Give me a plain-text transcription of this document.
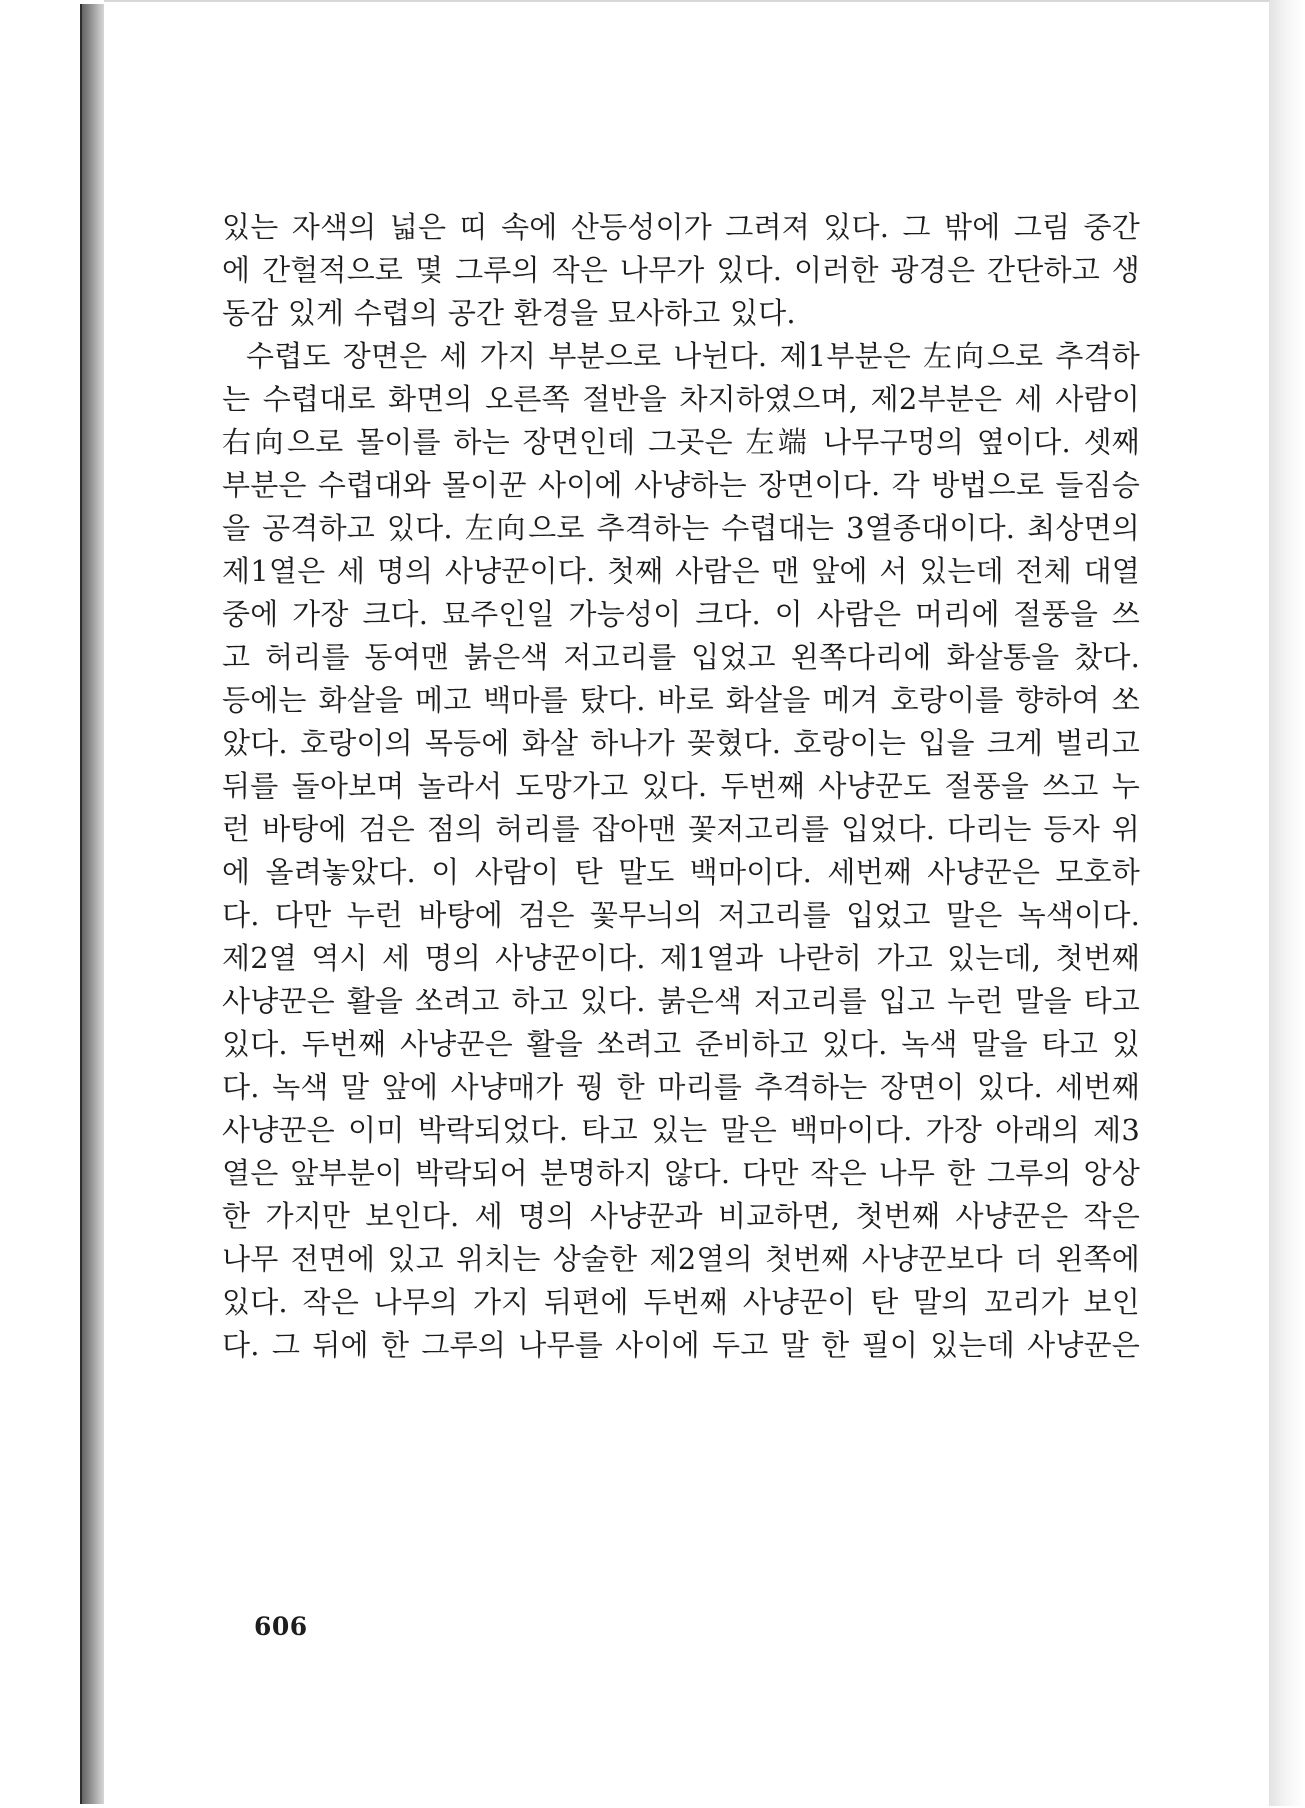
있는 자색의 넓은 띠 속에 산등성이가 그려져 있다. 그 밖에 그림 중간
에 간헐적으로 몇 그루의 작은 나무가 있다. 이러한 광경은 간단하고 생
동감 있게 수렵의 공간 환경을 묘사하고 있다.
수렵도 장면은 세 가지 부분으로 나뉜다. 제1부분은 左向으로 추격하
는 수렵대로 화면의 오른쪽 절반을 차지하였으며, 제2부분은 세 사람이
右向으로 몰이를 하는 장면인데 그곳은 左端 나무구멍의 옆이다. 셋째
부분은 수렵대와 몰이꾼 사이에 사냥하는 장면이다. 각 방법으로 들짐승
을 공격하고 있다. 左向으로 추격하는 수렵대는 3열종대이다. 최상면의
제1열은 세 명의 사냥꾼이다. 첫째 사람은 맨 앞에 서 있는데 전체 대열
중에 가장 크다. 묘주인일 가능성이 크다. 이 사람은 머리에 절풍을 쓰
고 허리를 동여맨 붉은색 저고리를 입었고 왼쪽다리에 화살통을 찼다.
등에는 화살을 메고 백마를 탔다. 바로 화살을 메겨 호랑이를 향하여 쏘
았다. 호랑이의 목등에 화살 하나가 꽂혔다. 호랑이는 입을 크게 벌리고
뒤를 돌아보며 놀라서 도망가고 있다. 두번째 사냥꾼도 절풍을 쓰고 누
런 바탕에 검은 점의 허리를 잡아맨 꽃저고리를 입었다. 다리는 등자 위
에 올려놓았다. 이 사람이 탄 말도 백마이다. 세번째 사냥꾼은 모호하
다. 다만 누런 바탕에 검은 꽃무늬의 저고리를 입었고 말은 녹색이다.
제2열 역시 세 명의 사냥꾼이다. 제1열과 나란히 가고 있는데, 첫번째
사냥꾼은 활을 쏘려고 하고 있다. 붉은색 저고리를 입고 누런 말을 타고
있다. 두번째 사냥꾼은 활을 쏘려고 준비하고 있다. 녹색 말을 타고 있
다. 녹색 말 앞에 사냥매가 꿩 한 마리를 추격하는 장면이 있다. 세번째
사냥꾼은 이미 박락되었다. 타고 있는 말은 백마이다. 가장 아래의 제3
열은 앞부분이 박락되어 분명하지 않다. 다만 작은 나무 한 그루의 앙상
한 가지만 보인다. 세 명의 사냥꾼과 비교하면, 첫번째 사냥꾼은 작은
나무 전면에 있고 위치는 상술한 제2열의 첫번째 사냥꾼보다 더 왼쪽에
있다. 작은 나무의 가지 뒤편에 두번째 사냥꾼이 탄 말의 꼬리가 보인
다. 그 뒤에 한 그루의 나무를 사이에 두고 말 한 필이 있는데 사냥꾼은
606
